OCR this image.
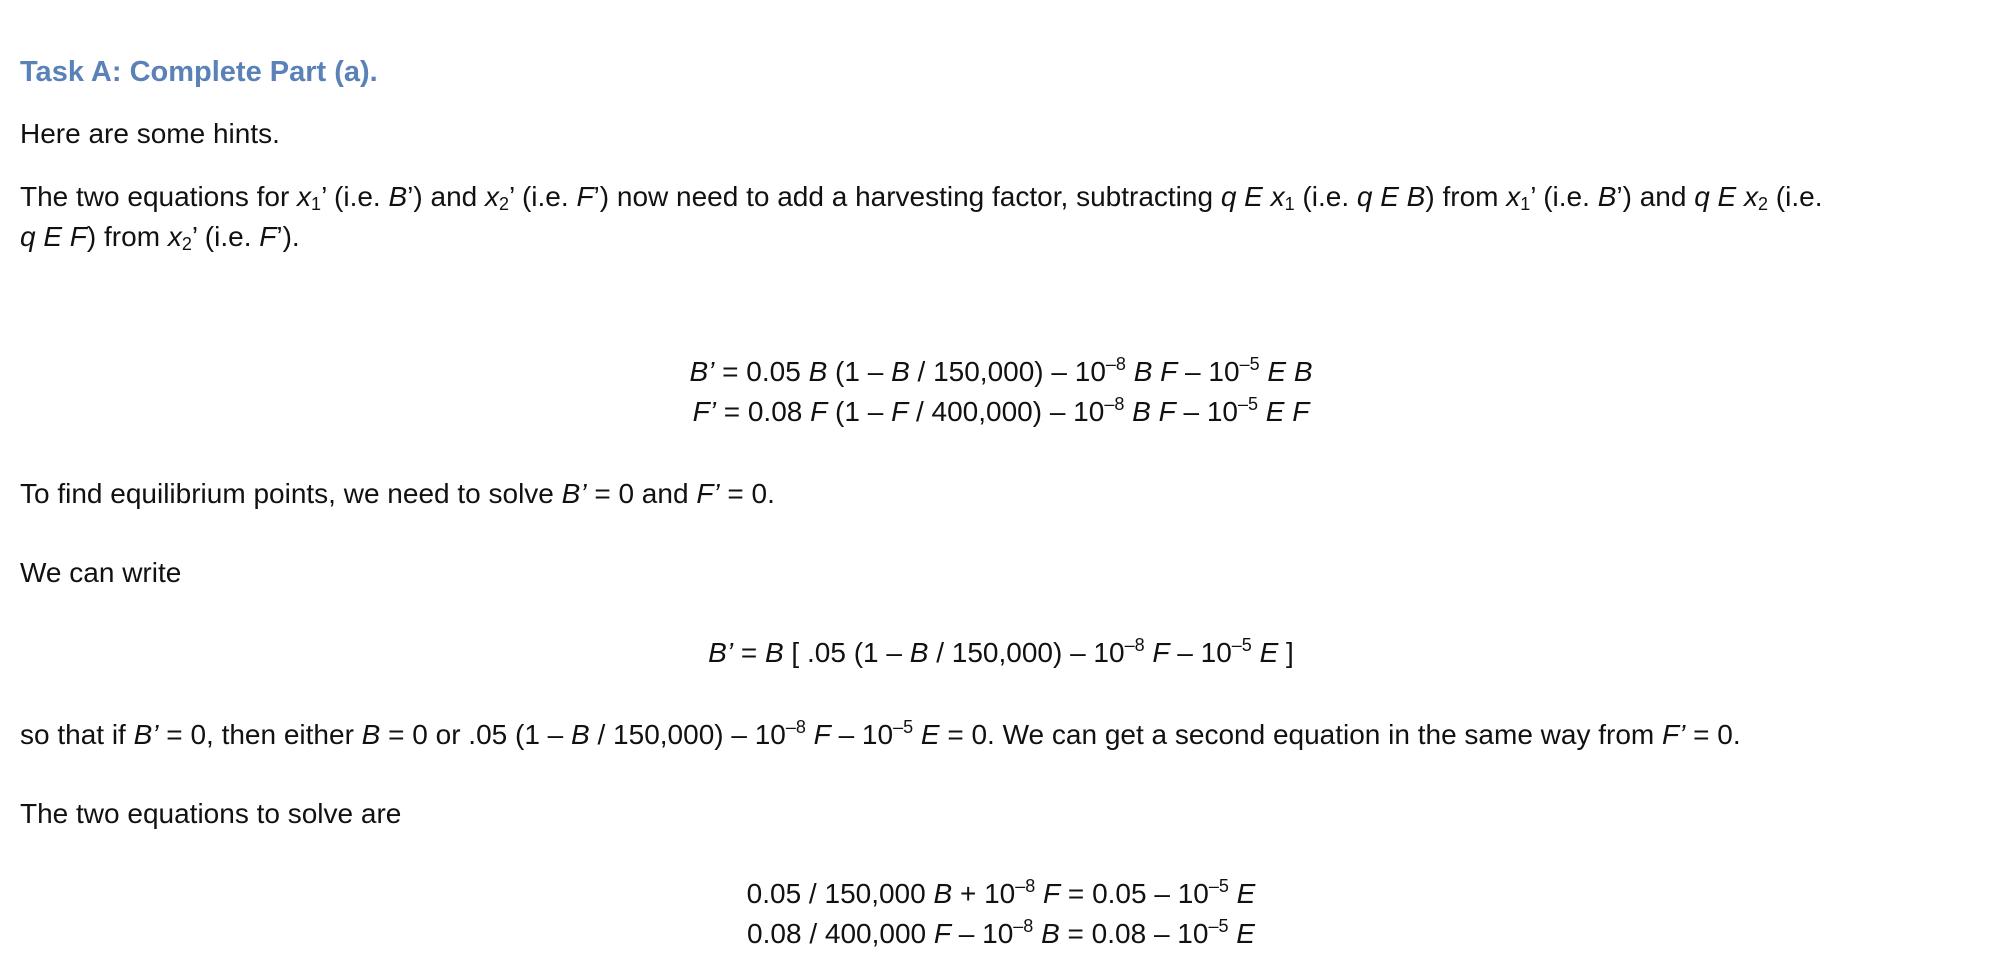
Task A: Complete Part (a).
Here are some hints.
The two equations for $x_1$’ (i.e. B’) and $x_2$’ (i.e. F’) now need to add a harvesting factor, subtracting q E $x_1$ (i.e. q E B) from $x_1$’ (i.e. B’) and q E $x_2$ (i.e.
q E F) from $x_2$’ (i.e. F’).
B’ = 0.05 B (1 – B / $150,000) - 10^{-8}$ B F – $10^{-5}$ E B
F’ = 0.08 F (1 – F / $400,000) - 10^{-8}$ B F – $10^{-5}$ E F
To find equilibrium points, we need to solve B’ = 0 and F’ = 0.
We can write
B’ = B [ .05 (1 – B / $150,000) - 10^{-8}$ F – $10^{-5}$ E ]
so that if B’ = 0, then either B = 0 or .05 (1 – B / $150,000) - 10^{-8}$ F – $10^{-5}$ E = 0. We can get a second equation in the same way from F’ = 0.
The two equations to solve are
0.05 / 150,000 $B + 10^{-8}$ $F = 0.05 - 10^{-5}$ E
0.08 / 400,000 F – $10^{-8}$ $B = 0.08 - 10^{-5}$ E
